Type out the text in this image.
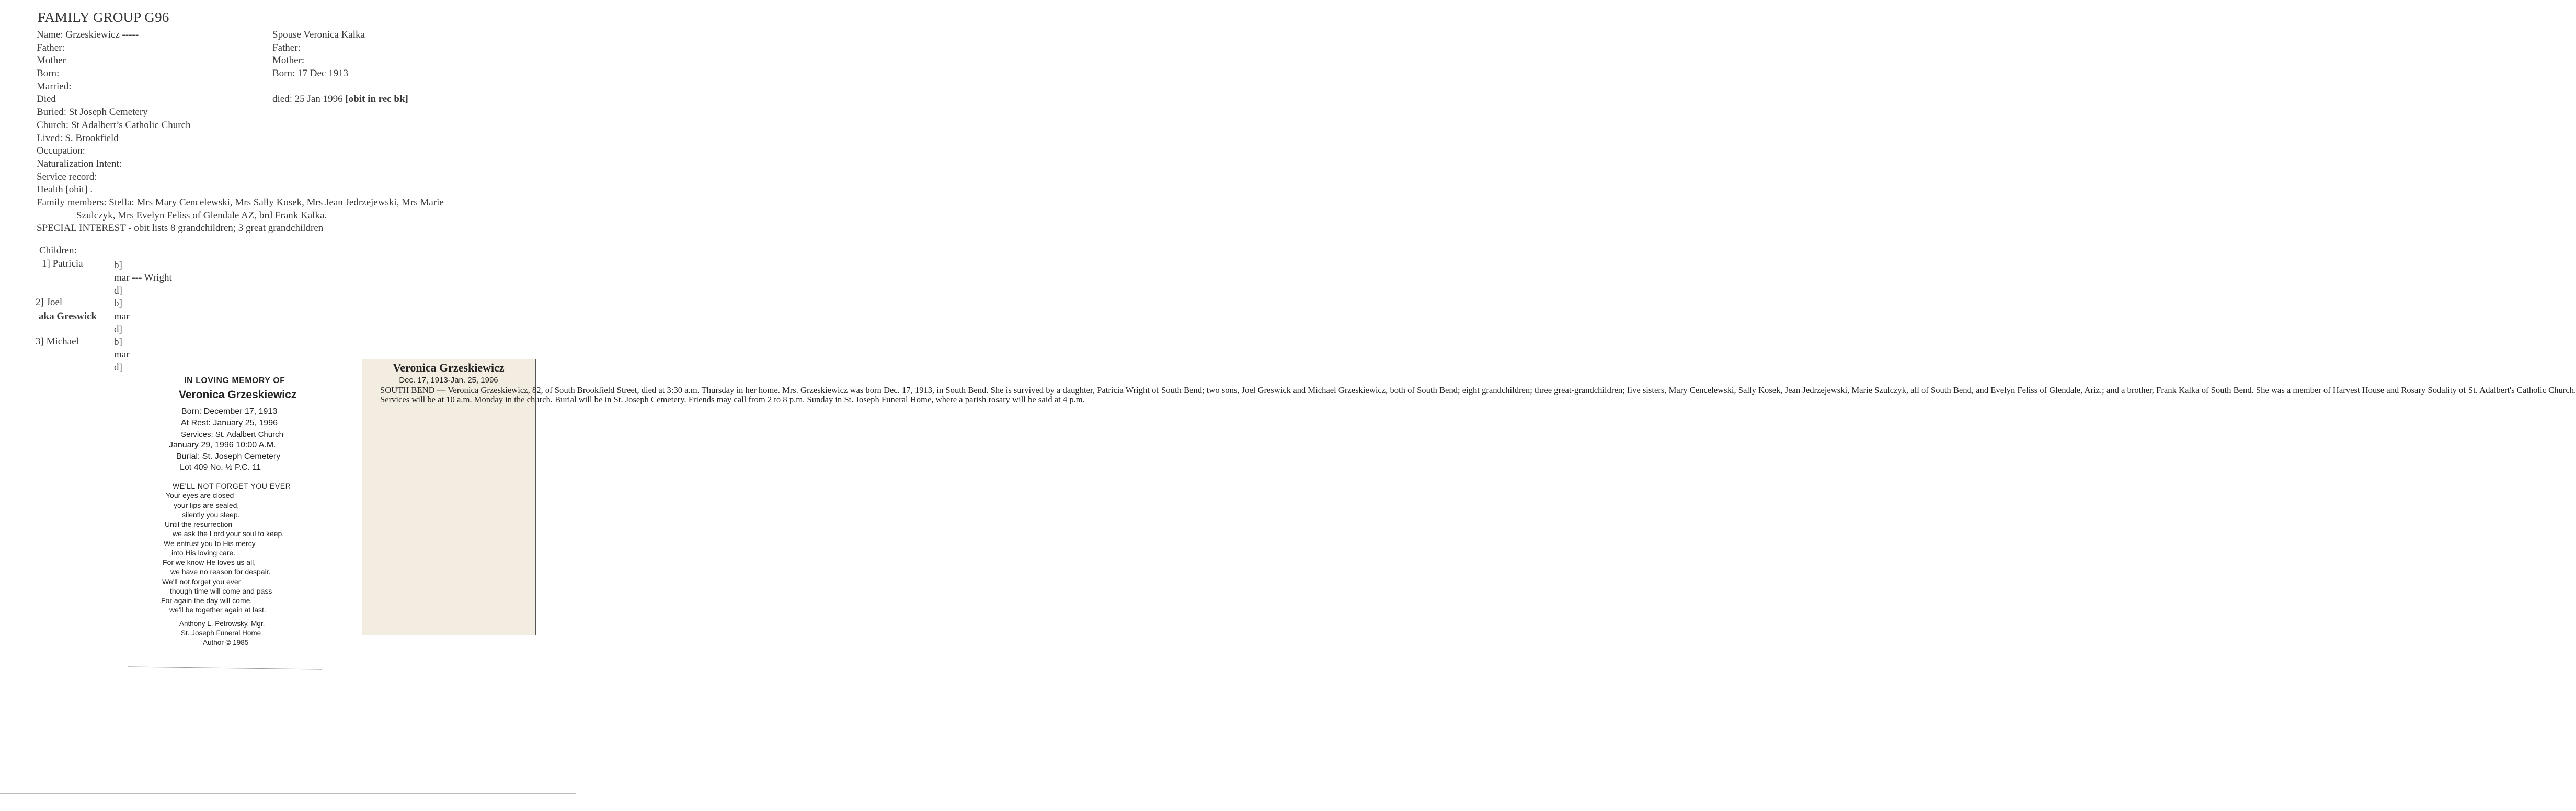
FAMILY GROUP G96
Name: Grzeskiewicz -----
Father:
Mother
Born:
Married:
Died
Buried: St Joseph Cemetery
Church: St Adalbert’s Catholic Church
Lived: S. Brookfield
Occupation:
Naturalization Intent:
Service record:
Health [obit] .
Family members: Stella: Mrs Mary Cencelewski, Mrs Sally Kosek, Mrs Jean Jedrzejewski, Mrs Marie
Szulczyk, Mrs Evelyn Feliss of Glendale AZ, brd Frank Kalka.
SPECIAL INTEREST - obit lists 8 grandchildren; 3 great grandchildren
Spouse Veronica Kalka
Father:
Mother:
Born: 17 Dec 1913
died: 25 Jan 1996 [obit in rec bk]
Children:
1] Patricia	b]
mar --- Wright
d]
2] Joel	b]
aka Greswick mar
d]
3] Michael	b]
mar
d]
IN LOVING MEMORY OF
Veronica Grzeskiewicz
Born: December 17, 1913
At Rest: January 25, 1996
Services: St. Adalbert Church
January 29, 1996 10:00 A.M.
Burial: St. Joseph Cemetery
Lot 409 No. ½ P.C. 11
WE'LL NOT FORGET YOU EVER
Your eyes are closed
your lips are sealed,
silently you sleep.
Until the resurrection
we ask the Lord your soul to keep.
We entrust you to His mercy
into His loving care.
For we know He loves us all,
we have no reason for despair.
We'll not forget you ever
though time will come and pass
For again the day will come,
we'll be together again at last.
Anthony L. Petrowsky, Mgr.
St. Joseph Funeral Home
Author © 1985
Veronica Grzeskiewicz
Dec. 17, 1913-Jan. 25, 1996

SOUTH BEND — Veronica Grzeskiewicz, 82, of South Brookfield Street, died at 3:30 a.m. Thursday in her home. Mrs. Grzeskiewicz was born Dec. 17, 1913, in South Bend. She is survived by a daughter, Patricia Wright of South Bend; two sons, Joel Greswick and Michael Grzeskiewicz, both of South Bend; eight grandchildren; three great-grandchildren; five sisters, Mary Cencelewski, Sally Kosek, Jean Jedrzejewski, Marie Szulczyk, all of South Bend, and Evelyn Feliss of Glendale, Ariz.; and a brother, Frank Kalka of South Bend. She was a member of Harvest House and Rosary Sodality of St. Adalbert's Catholic Church.

Services will be at 10 a.m. Monday in the church. Burial will be in St. Joseph Cemetery. Friends may call from 2 to 8 p.m. Sunday in St. Joseph Funeral Home, where a parish rosary will be said at 4 p.m.
